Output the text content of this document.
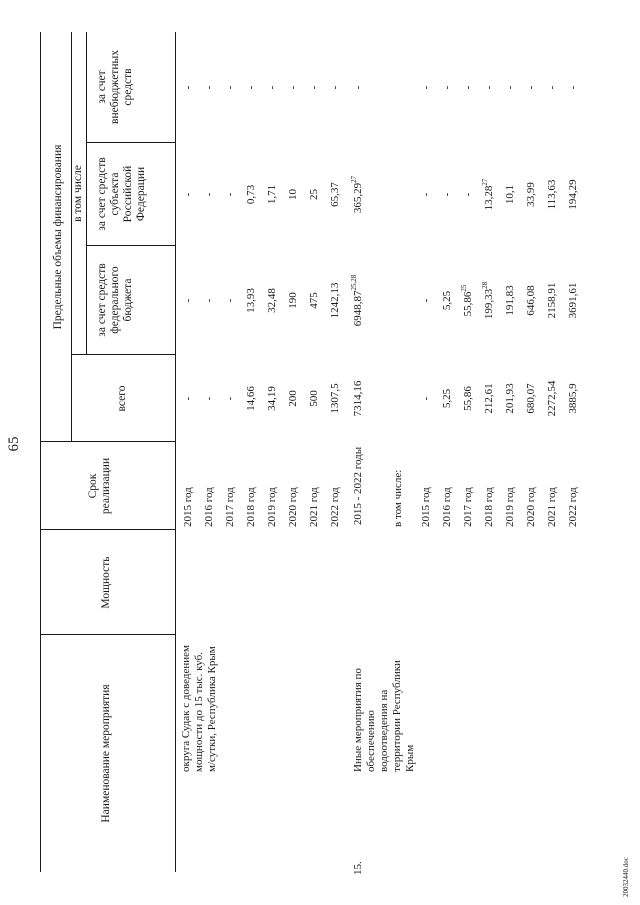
65
20032440.doc
Наименование мероприятия
Мощность
Срок реализации
Предельные объемы финансирования
всего
в том числе
за счет средств федерального бюджета
за счет средств субъекта Российской Федерации
за счет внебюджетных средств
округа Судак с доведением мощности до 15 тыс. куб. м/сутки, Республика Крым
2015 год
-
-
-
-
2016 год
-
-
-
-
2017 год
-
-
-
-
2018 год
14,66
13,93
0,73
-
2019 год
34,19
32,48
1,71
-
2020 год
200
190
10
-
2021 год
500
475
25
-
2022 год
1307,5
1242,13
65,37
-
15.
Иные мероприятия по обеспечению водоотведения на территории Республики Крым
2015 - 2022 годы
7314,16
6948,87$^{25,28}$
365,29$^{27}$
-
в том числе: 2015 год
-
-
-
-
2016 год
5,25
5,25
-
-
2017 год
55,86
55,86$^{25}$
-
-
2018 год
212,61
199,33$^{28}$
13,28$^{27}$
-
2019 год
201,93
191,83
10,1
-
2020 год
680,07
646,08
33,99
-
2021 год
2272,54
2158,91
113,63
-
2022 год
3885,9
3691,61
194,29
-
